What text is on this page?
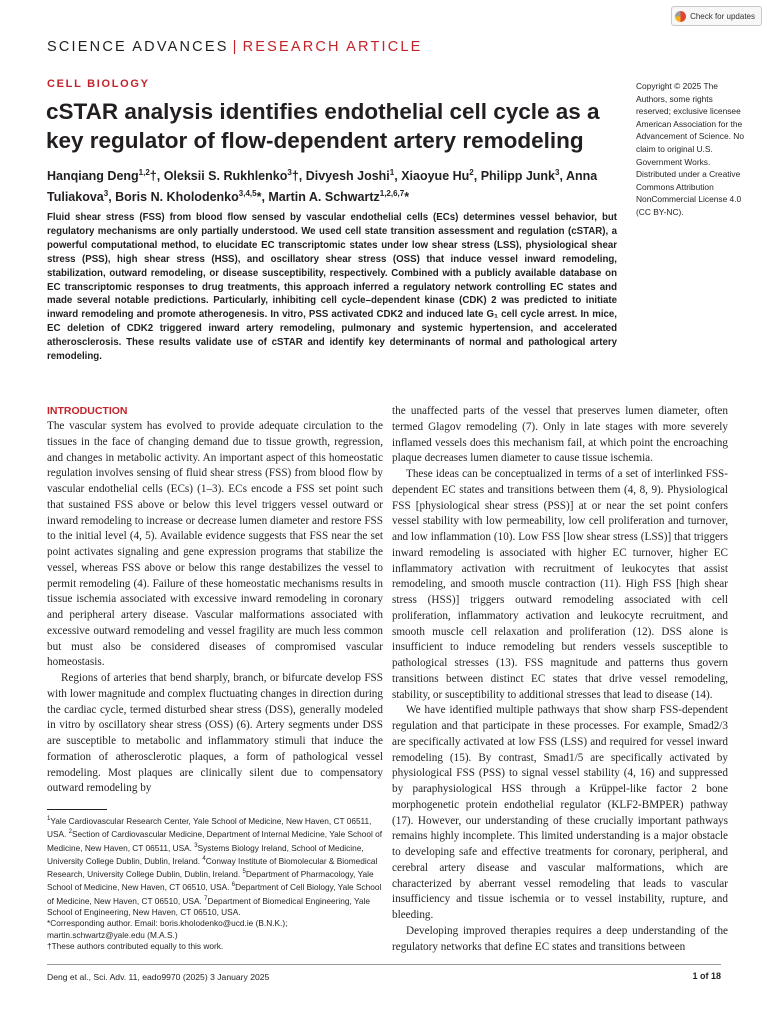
Check for updates
SCIENCE ADVANCES | RESEARCH ARTICLE
CELL BIOLOGY
cSTAR analysis identifies endothelial cell cycle as a key regulator of flow-dependent artery remodeling
Hanqiang Deng$^{1,2}$†, Oleksii S. Rukhlenko$^3$†, Divyesh Joshi$^1$, Xiaoyue Hu$^2$, Philipp Junk$^3$, Anna Tuliakova$^3$, Boris N. Kholodenko$^{3,4,5}$*, Martin A. Schwartz$^{1,2,6,7}$*
Copyright © 2025 The Authors, some rights reserved; exclusive licensee American Association for the Advancement of Science. No claim to original U.S. Government Works. Distributed under a Creative Commons Attribution NonCommercial License 4.0 (CC BY-NC).
Fluid shear stress (FSS) from blood flow sensed by vascular endothelial cells (ECs) determines vessel behavior, but regulatory mechanisms are only partially understood. We used cell state transition assessment and regulation (cSTAR), a powerful computational method, to elucidate EC transcriptomic states under low shear stress (LSS), physiological shear stress (PSS), high shear stress (HSS), and oscillatory shear stress (OSS) that induce vessel inward remodeling, stabilization, outward remodeling, or disease susceptibility, respectively. Combined with a publicly available database on EC transcriptomic responses to drug treatments, this approach inferred a regulatory network controlling EC states and made several notable predictions. Particularly, inhibiting cell cycle–dependent kinase (CDK) 2 was predicted to initiate inward remodeling and promote atherogenesis. In vitro, PSS activated CDK2 and induced late G₁ cell cycle arrest. In mice, EC deletion of CDK2 triggered inward artery remodeling, pulmonary and systemic hypertension, and accelerated atherosclerosis. These results validate use of cSTAR and identify key determinants of normal and pathological artery remodeling.
INTRODUCTION

The vascular system has evolved to provide adequate circulation to the tissues in the face of changing demand due to tissue growth, regression, and changes in metabolic activity. An important aspect of this homeostatic regulation involves sensing of fluid shear stress (FSS) from blood flow by vascular endothelial cells (ECs) (1–3). ECs encode a FSS set point such that sustained FSS above or below this level triggers vessel outward or inward remodeling to increase or decrease lumen diameter and restore FSS to the initial level (4, 5). Available evidence suggests that FSS near the set point activates signaling and gene expression programs that stabilize the vessel, whereas FSS above or below this range destabilizes the vessel to permit remodeling (4). Failure of these homeostatic mechanisms results in tissue ischemia associated with excessive inward remodeling in coronary and peripheral artery disease. Vascular malformations associated with excessive outward remodeling and vessel fragility are much less common but must also be considered diseases of compromised vascular homeostasis.

Regions of arteries that bend sharply, branch, or bifurcate develop FSS with lower magnitude and complex fluctuating changes in direction during the cardiac cycle, termed disturbed shear stress (DSS), generally modeled in vitro by oscillatory shear stress (OSS) (6). Artery segments under DSS are susceptible to metabolic and inflammatory stimuli that induce the formation of atherosclerotic plaques, a form of pathological vessel remodeling. Most plaques are clinically silent due to compensatory outward remodeling by

the unaffected parts of the vessel that preserves lumen diameter, often termed Glagov remodeling (7). Only in late stages with more severely inflamed vessels does this mechanism fail, at which point the encroaching plaque decreases lumen diameter to cause tissue ischemia.

These ideas can be conceptualized in terms of a set of interlinked FSS-dependent EC states and transitions between them (4, 8, 9). Physiological FSS [physiological shear stress (PSS)] at or near the set point confers vessel stability with low permeability, low cell proliferation and turnover, and low inflammation (10). Low FSS [low shear stress (LSS)] that triggers inward remodeling is associated with higher EC turnover, higher EC inflammatory activation with recruitment of leukocytes that assist remodeling, and smooth muscle contraction (11). High FSS [high shear stress (HSS)] triggers outward remodeling associated with cell proliferation, inflammatory activation and leukocyte recruitment, and smooth muscle cell relaxation and proliferation (12). DSS alone is insufficient to induce remodeling but renders vessels susceptible to pathological stresses (13). FSS magnitude and patterns thus govern transitions between distinct EC states that drive vessel remodeling, stability, or susceptibility to additional stresses that lead to disease (14).

We have identified multiple pathways that show sharp FSS-dependent regulation and that participate in these processes. For example, Smad2/3 are specifically activated at low FSS (LSS) and required for vessel inward remodeling (15). By contrast, Smad1/5 are specifically activated by physiological FSS (PSS) to signal vessel stability (4, 16) and suppressed by paraphysiological HSS through a Krüppel-like factor 2 bone morphogenetic protein endothelial regulator (KLF2-BMPER) pathway (17). However, our understanding of these crucially important pathways remains highly incomplete. This limited understanding is a major obstacle to developing safe and effective treatments for coronary, peripheral, and cerebral artery disease and vascular malformations, which are characterized by aberrant vessel remodeling that leads to vascular insufficiency and tissue ischemia or to vessel instability, rupture, and bleeding.

Developing improved therapies requires a deep understanding of the regulatory networks that define EC states and transitions between

$^1$Yale Cardiovascular Research Center, Yale School of Medicine, New Haven, CT 06511, USA. $^2$Section of Cardiovascular Medicine, Department of Internal Medicine, Yale School of Medicine, New Haven, CT 06511, USA. $^3$Systems Biology Ireland, School of Medicine, University College Dublin, Dublin, Ireland. $^4$Conway Institute of Biomolecular & Biomedical Research, University College Dublin, Dublin, Ireland. $^5$Department of Pharmacology, Yale School of Medicine, New Haven, CT 06510, USA. $^6$Department of Cell Biology, Yale School of Medicine, New Haven, CT 06510, USA. $^7$Department of Biomedical Engineering, Yale School of Engineering, New Haven, CT 06510, USA.
*Corresponding author. Email: boris.kholodenko@ucd.ie (B.N.K.); martin.schwartz@yale.edu (M.A.S.)
†These authors contributed equally to this work.
Deng et al., Sci. Adv. 11, eado9970 (2025) 3 January 2025	1 of 18
